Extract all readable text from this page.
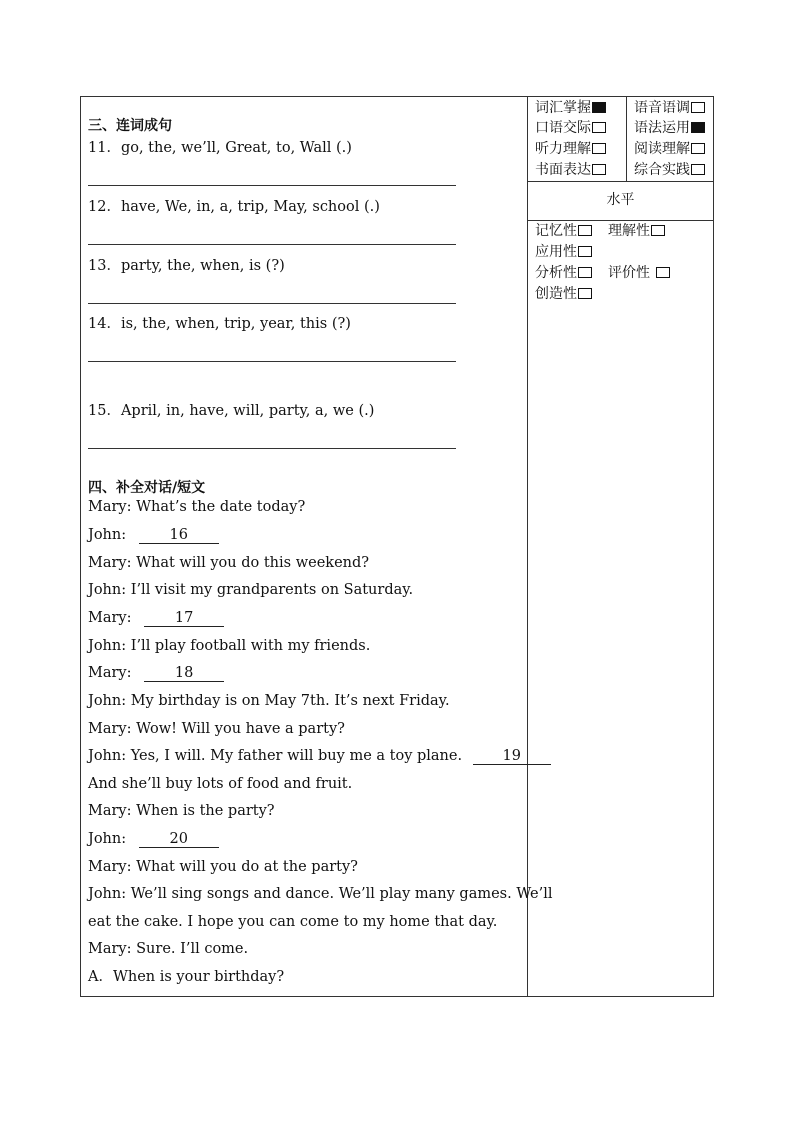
三、连词成句
11．go, the, we’ll, Great, to, Wall (.)
12．have, We, in, a, trip, May, school (.)
13．party, the, when, is (?)
14．is, the, when, trip, year, this (?)
15．April, in, have, will, party, a, we (.)
四、补全对话/短文
Mary: What’s the date today?
John:	16
Mary: What will you do this weekend?
John: I’ll visit my grandparents on Saturday.
Mary:	17
John: I’ll play football with my friends.
Mary:	18
John: My birthday is on May 7th. It’s next Friday.
Mary: Wow! Will you have a party?
John: Yes, I will. My father will buy me a toy plane.	19
And she’ll buy lots of food and fruit.
Mary: When is the party?
John:	20
Mary: What will you do at the party?
John: We’ll sing songs and dance. We’ll play many games. We’ll
eat the cake. I hope you can come to my home that day.
Mary: Sure. I’ll come.
A．When is your birthday?
词汇掌握	语音语调
口语交际	语法运用
听力理解	阅读理解
书面表达	综合实践
水平
记忆性	理解性
应用性
分析性	评价性
创造性
